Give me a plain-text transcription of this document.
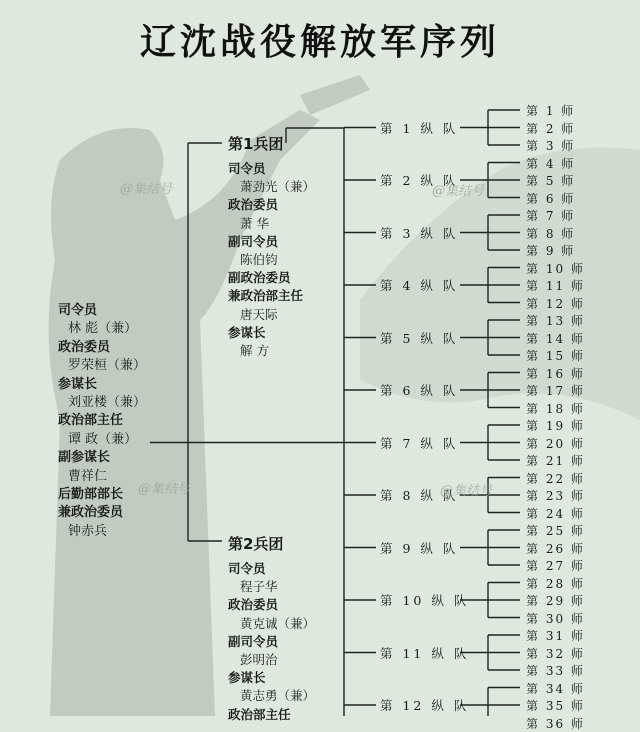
辽沈战役解放军序列
司令员
林 彪（兼）
政治委员
罗荣桓（兼）
参谋长
刘亚楼（兼）
政治部主任
谭 政（兼）
副参谋长
曹祥仁
后勤部部长
兼政治委员
钟赤兵
第1兵团
司令员
萧劲光（兼）
政治委员
萧 华
副司令员
陈伯钧
副政治委员
兼政治部主任
唐天际
参谋长
解 方
第2兵团
司令员
程子华
政治委员
黄克诚（兼）
副司令员
彭明治
参谋长
黄志勇（兼）
政治部主任
第 1 纵 队
第 2 纵 队
第 3 纵 队
第 4 纵 队
第 5 纵 队
第 6 纵 队
第 7 纵 队
第 8 纵 队
第 9 纵 队
第 10 纵 队
第 11 纵 队
第 12 纵 队
第 1 师
第 2 师
第 3 师
第 4 师
第 5 师
第 6 师
第 7 师
第 8 师
第 9 师
第 10 师
第 11 师
第 12 师
第 13 师
第 14 师
第 15 师
第 16 师
第 17 师
第 18 师
第 19 师
第 20 师
第 21 师
第 22 师
第 23 师
第 24 师
第 25 师
第 26 师
第 27 师
第 28 师
第 29 师
第 30 师
第 31 师
第 32 师
第 33 师
第 34 师
第 35 师
第 36 师
@集结号	@集结号
@集结号	@集结号
